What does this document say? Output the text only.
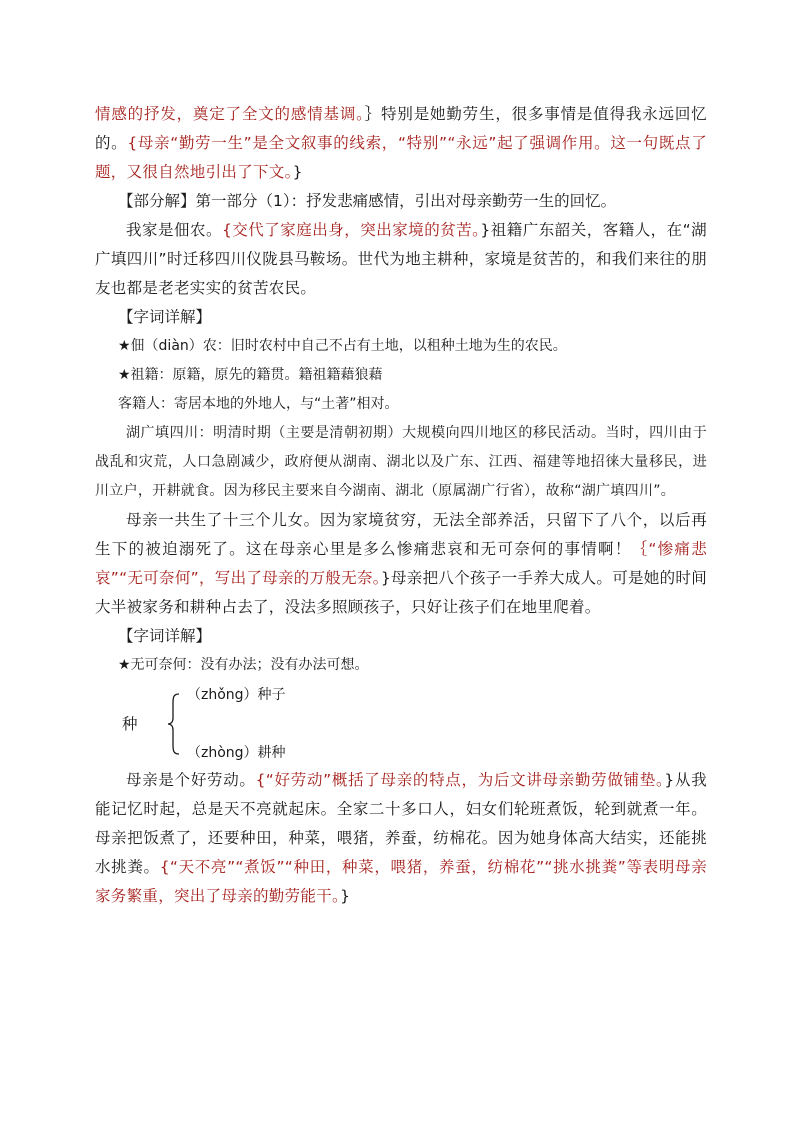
情感的抒发，奠定了全文的感情基调。｝特别是她勤劳生，很多事情是值得我永远回忆的。{母亲“勤劳一生”是全文叙事的线索，“特别”“永远”起了强调作用。这一句既点了题，又很自然地引出了下文。}

【部分解】第一部分（1）：抒发悲痛感情，引出对母亲勤劳一生的回忆。

我家是佃农。{交代了家庭出身，突出家境的贫苦。}祖籍广东韶关，客籍人，在“湖广填四川”时迁移四川仪陇县马鞍场。世代为地主耕种，家境是贫苦的，和我们来往的朋友也都是老老实实的贫苦农民。

【字词详解】

★佃（diàn）农：旧时农村中自己不占有土地，以租种土地为生的农民。

★祖籍：原籍，原先的籍贯。籍祖籍藉狼藉

客籍人：寄居本地的外地人，与“土著”相对。

湖广填四川：明清时期（主要是清朝初期）大规模向四川地区的移民活动。当时，四川由于战乱和灾荒，人口急剧减少，政府便从湖南、湖北以及广东、江西、福建等地招徕大量移民，进川立户，开耕就食。因为移民主要来自今湖南、湖北（原属湖广行省），故称“湖广填四川”。

母亲一共生了十三个儿女。因为家境贫穷，无法全部养活，只留下了八个，以后再生下的被迫溺死了。这在母亲心里是多么惨痛悲哀和无可奈何的事情啊！｛“惨痛悲哀”“无可奈何”，写出了母亲的万般无奈。}母亲把八个孩子一手养大成人。可是她的时间大半被家务和耕种占去了，没法多照顾孩子，只好让孩子们在地里爬着。

【字词详解】

★无可奈何：没有办法；没有办法可想。

种
（zhǒng）种子
（zhòng）耕种

母亲是个好劳动。{“好劳动”概括了母亲的特点，为后文讲母亲勤劳做铺垫。}从我能记忆时起，总是天不亮就起床。全家二十多口人，妇女们轮班煮饭，轮到就煮一年。母亲把饭煮了，还要种田，种菜，喂猪，养蚕，纺棉花。因为她身体高大结实，还能挑水挑粪。{“天不亮”“煮饭”“种田，种菜，喂猪，养蚕，纺棉花”“挑水挑粪”等表明母亲家务繁重，突出了母亲的勤劳能干。}
